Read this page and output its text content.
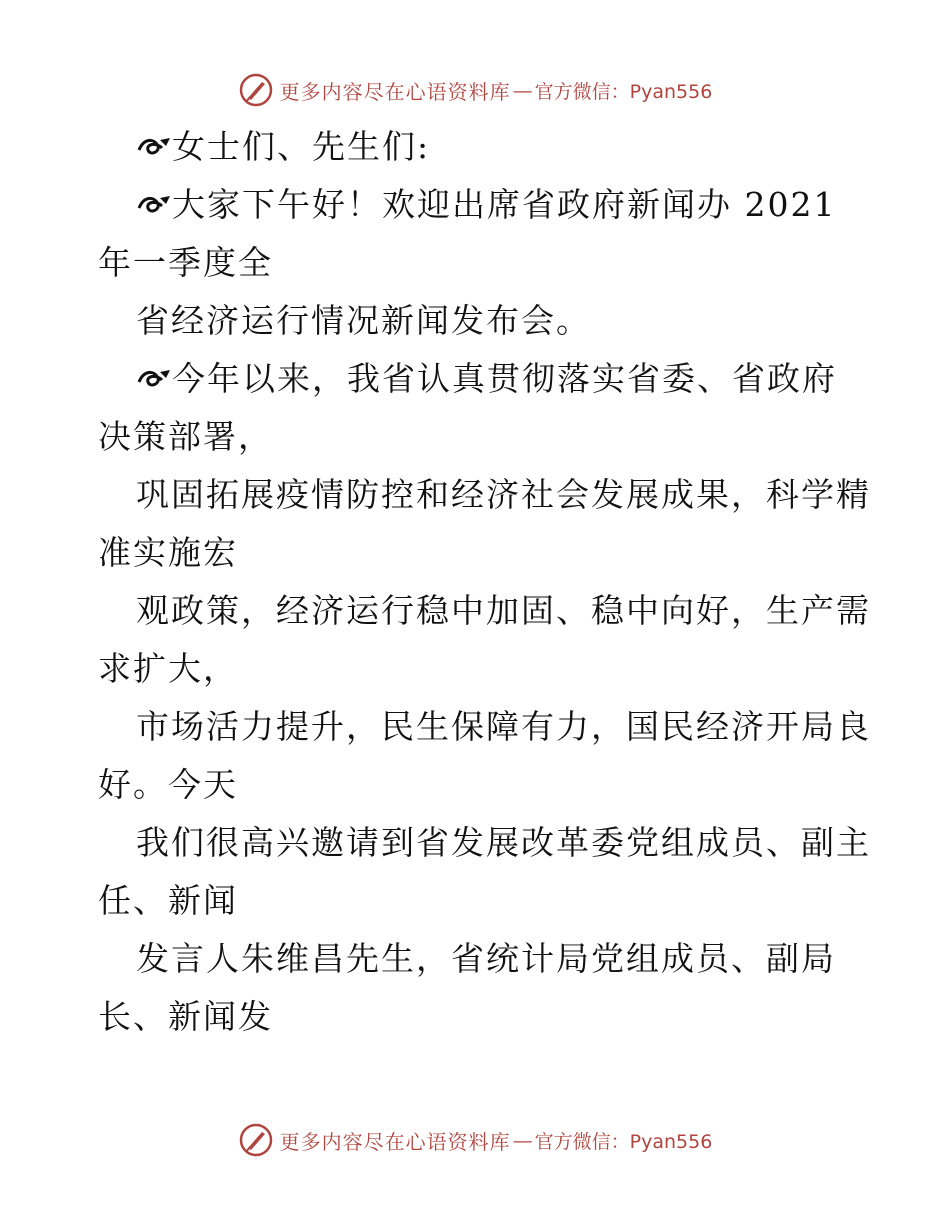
更多内容尽在心语资料库 — 官方微信：Pyan556
女士们、先生们:
大家下午好！欢迎出席省政府新闻办 2021
年一季度全
省经济运行情况新闻发布会。
今年以来，我省认真贯彻落实省委、省政府
决策部署，
巩固拓展疫情防控和经济社会发展成果，科学精
准实施宏
观政策，经济运行稳中加固、稳中向好，生产需
求扩大，
市场活力提升，民生保障有力，国民经济开局良
好。今天
我们很高兴邀请到省发展改革委党组成员、副主
任、新闻
发言人朱维昌先生，省统计局党组成员、副局
长、新闻发
更多内容尽在心语资料库 — 官方微信：Pyan556
